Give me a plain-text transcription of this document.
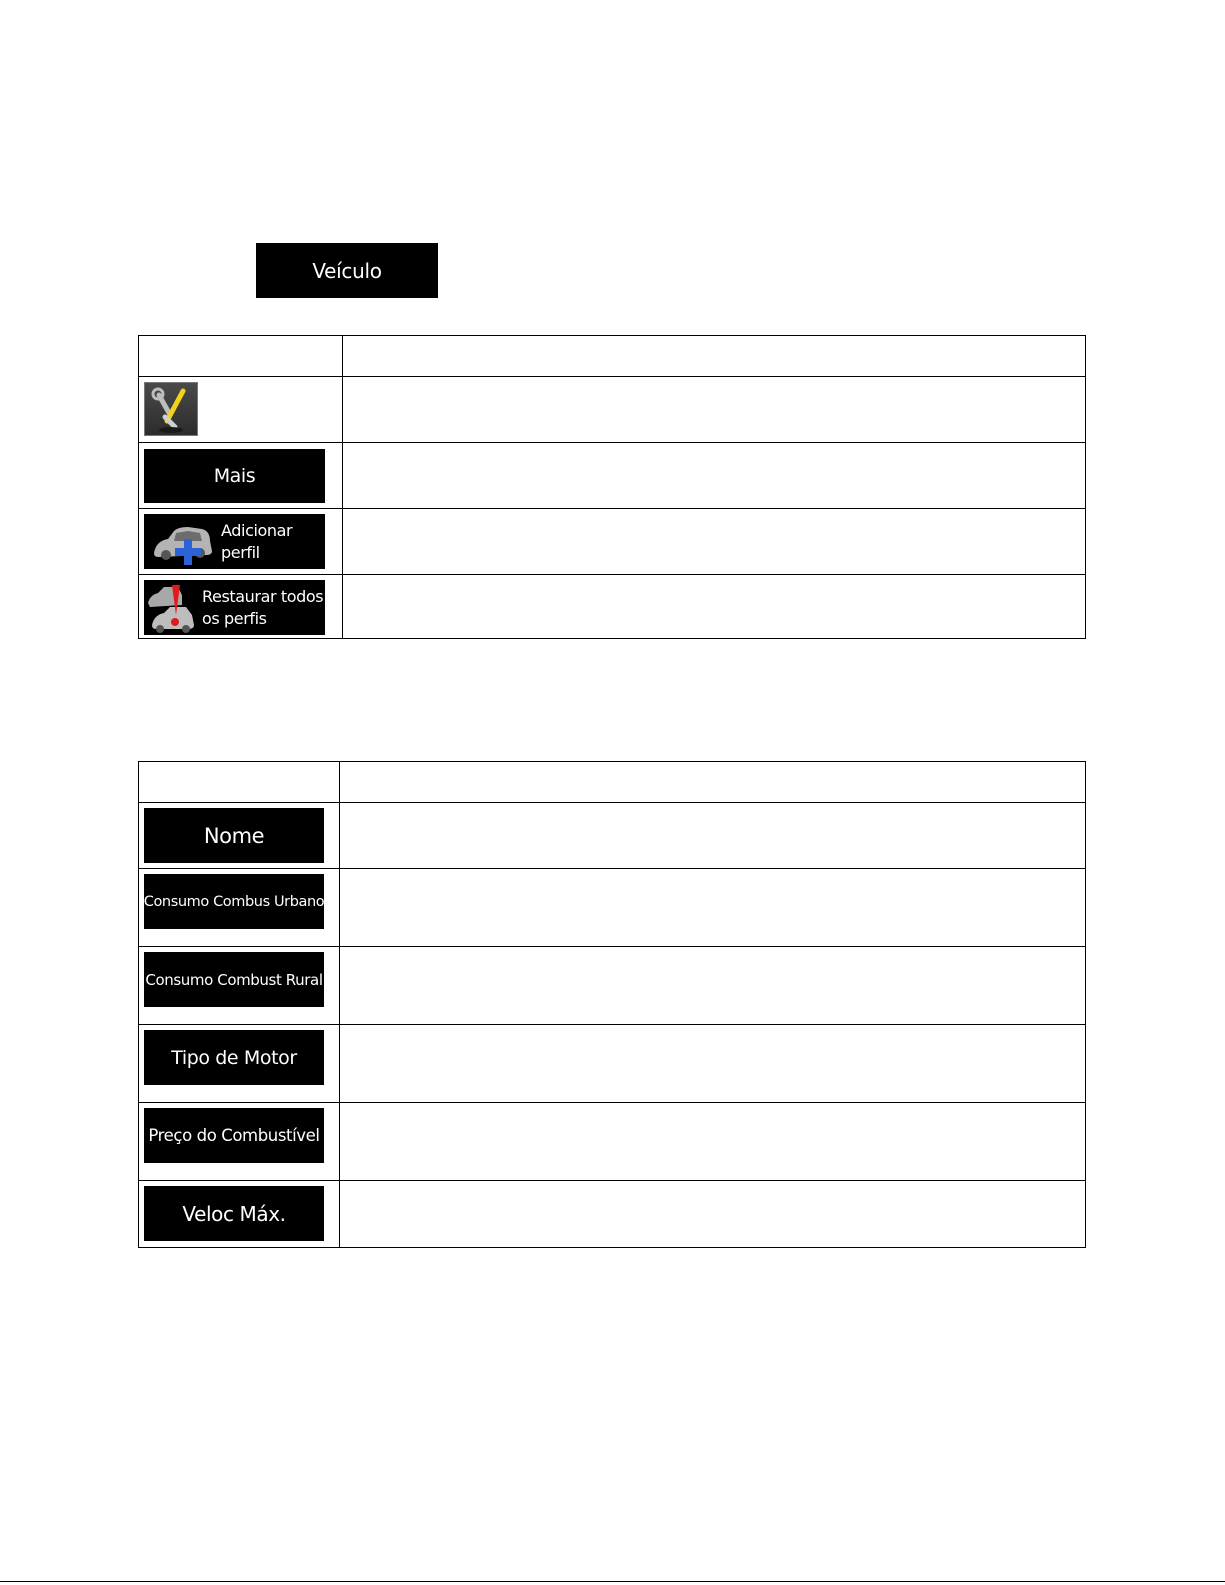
Veículo
Mais
Adicionar
perfil
Restaurar todos
os perfis
Nome
Consumo Combus Urbano
Consumo Combust Rural
Tipo de Motor
Preço do Combustível
Veloc Máx.
